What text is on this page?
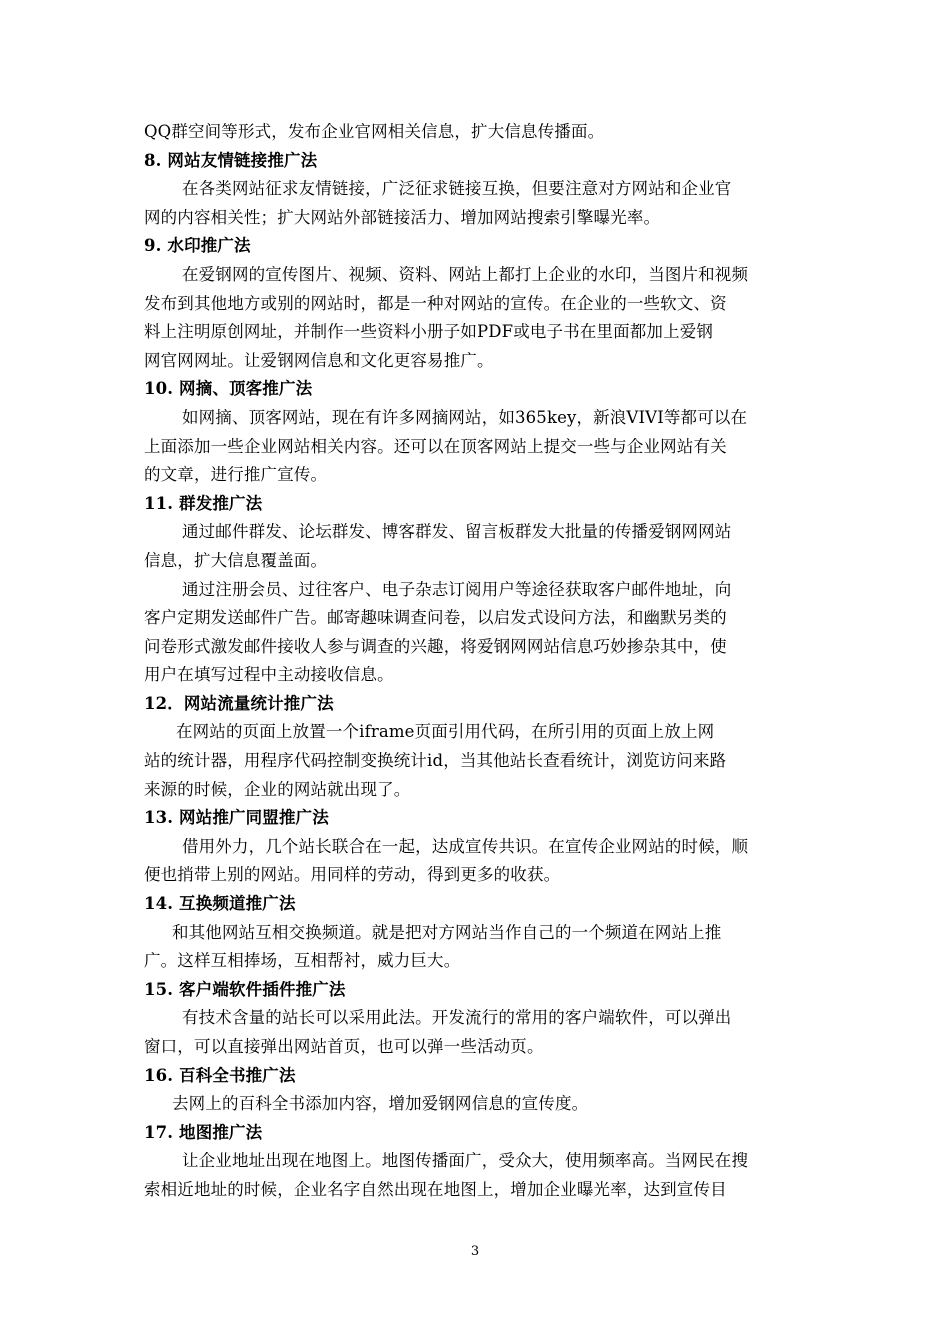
QQ群空间等形式，发布企业官网相关信息，扩大信息传播面。
8. 网站友情链接推广法
在各类网站征求友情链接，广泛征求链接互换，但要注意对方网站和企业官
网的内容相关性；扩大网站外部链接活力、增加网站搜索引擎曝光率。
9. 水印推广法
在爱钢网的宣传图片、视频、资料、网站上都打上企业的水印，当图片和视频
发布到其他地方或别的网站时，都是一种对网站的宣传。在企业的一些软文、资
料上注明原创网址，并制作一些资料小册子如PDF或电子书在里面都加上爱钢
网官网网址。让爱钢网信息和文化更容易推广。
10. 网摘、顶客推广法
如网摘、顶客网站，现在有许多网摘网站，如365key，新浪VIVI等都可以在
上面添加一些企业网站相关内容。还可以在顶客网站上提交一些与企业网站有关
的文章，进行推广宣传。
11. 群发推广法
通过邮件群发、论坛群发、博客群发、留言板群发大批量的传播爱钢网网站
信息，扩大信息覆盖面。
通过注册会员、过往客户、电子杂志订阅用户等途径获取客户邮件地址，向
客户定期发送邮件广告。邮寄趣味调查问卷，以启发式设问方法，和幽默另类的
问卷形式激发邮件接收人参与调查的兴趣，将爱钢网网站信息巧妙掺杂其中，使
用户在填写过程中主动接收信息。
12．网站流量统计推广法
在网站的页面上放置一个iframe页面引用代码，在所引用的页面上放上网
站的统计器，用程序代码控制变换统计id，当其他站长查看统计，浏览访问来路
来源的时候，企业的网站就出现了。
13. 网站推广同盟推广法
借用外力，几个站长联合在一起，达成宣传共识。在宣传企业网站的时候，顺
便也捎带上别的网站。用同样的劳动，得到更多的收获。
14. 互换频道推广法
和其他网站互相交换频道。就是把对方网站当作自己的一个频道在网站上推
广。这样互相捧场，互相帮衬，威力巨大。
15. 客户端软件插件推广法
有技术含量的站长可以采用此法。开发流行的常用的客户端软件，可以弹出
窗口，可以直接弹出网站首页，也可以弹一些活动页。
16. 百科全书推广法
去网上的百科全书添加内容，增加爱钢网信息的宣传度。
17. 地图推广法
让企业地址出现在地图上。地图传播面广，受众大，使用频率高。当网民在搜
索相近地址的时候，企业名字自然出现在地图上，增加企业曝光率，达到宣传目
3
